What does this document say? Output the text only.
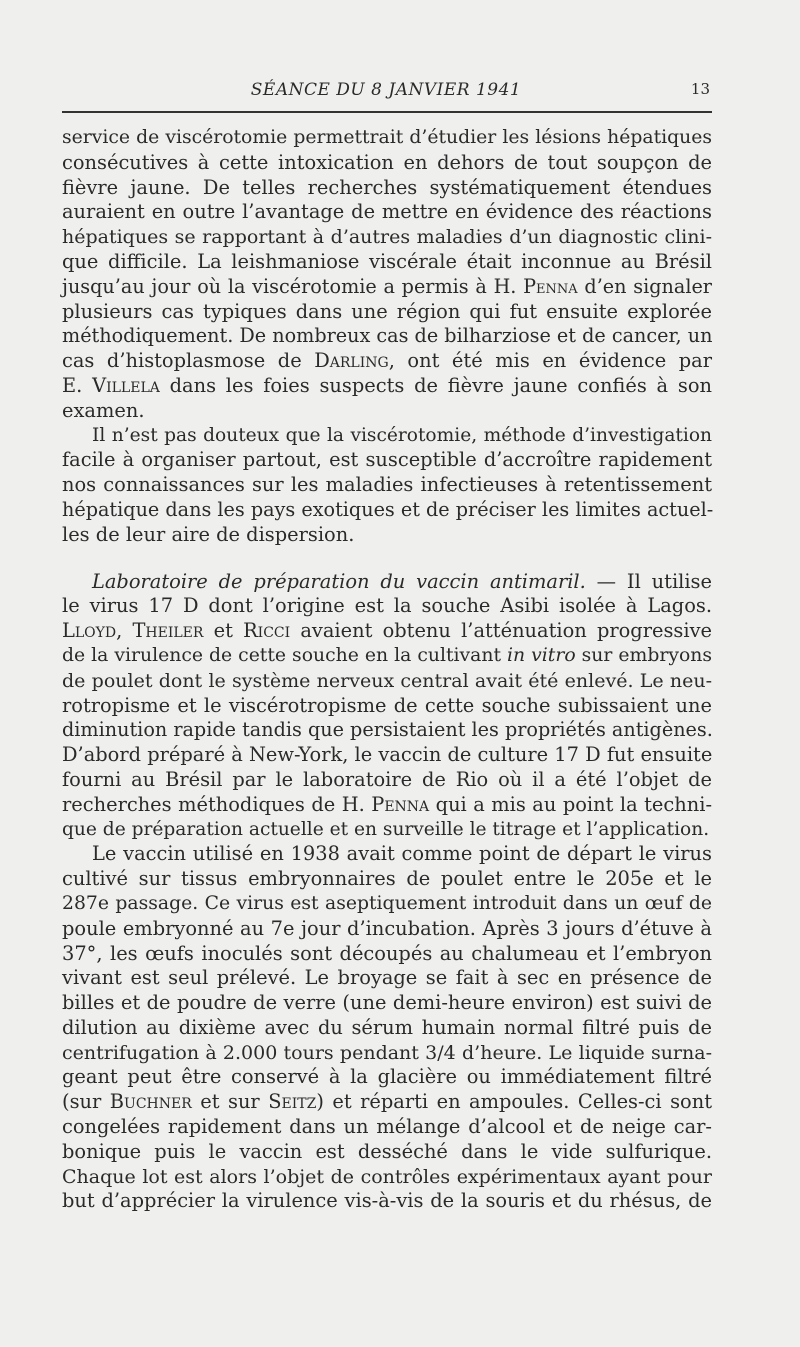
SÉANCE DU 8 JANVIER 1941	13
service de viscérotomie permettrait d’étudier les lésions hépatiques
consécutives à cette intoxication en dehors de tout soupçon de
fièvre jaune. De telles recherches systématiquement étendues
auraient en outre l’avantage de mettre en évidence des réactions
hépatiques se rapportant à d’autres maladies d’un diagnostic clini-
que difficile. La leishmaniose viscérale était inconnue au Brésil
jusqu’au jour où la viscérotomie a permis à H. Penna d’en signaler
plusieurs cas typiques dans une région qui fut ensuite explorée
méthodiquement. De nombreux cas de bilharziose et de cancer, un
cas d’histoplasmose de Darling, ont été mis en évidence par
E. Villela dans les foies suspects de fièvre jaune confiés à son
examen.
Il n’est pas douteux que la viscérotomie, méthode d’investigation
facile à organiser partout, est susceptible d’accroître rapidement
nos connaissances sur les maladies infectieuses à retentissement
hépatique dans les pays exotiques et de préciser les limites actuel-
les de leur aire de dispersion.
Laboratoire de préparation du vaccin antimaril. — Il utilise
le virus 17 D dont l’origine est la souche Asibi isolée à Lagos.
Lloyd, Theiler et Ricci avaient obtenu l’atténuation progressive
de la virulence de cette souche en la cultivant in vitro sur embryons
de poulet dont le système nerveux central avait été enlevé. Le neu-
rotropisme et le viscérotropisme de cette souche subissaient une
diminution rapide tandis que persistaient les propriétés antigènes.
D’abord préparé à New-York, le vaccin de culture 17 D fut ensuite
fourni au Brésil par le laboratoire de Rio où il a été l’objet de
recherches méthodiques de H. Penna qui a mis au point la techni-
que de préparation actuelle et en surveille le titrage et l’application.
Le vaccin utilisé en 1938 avait comme point de départ le virus
cultivé sur tissus embryonnaires de poulet entre le 205e et le
287e passage. Ce virus est aseptiquement introduit dans un œuf de
poule embryonné au 7e jour d’incubation. Après 3 jours d’étuve à
37°, les œufs inoculés sont découpés au chalumeau et l’embryon
vivant est seul prélevé. Le broyage se fait à sec en présence de
billes et de poudre de verre (une demi-heure environ) est suivi de
dilution au dixième avec du sérum humain normal filtré puis de
centrifugation à 2.000 tours pendant 3/4 d’heure. Le liquide surna-
geant peut être conservé à la glacière ou immédiatement filtré
(sur Buchner et sur Seitz) et réparti en ampoules. Celles-ci sont
congelées rapidement dans un mélange d’alcool et de neige car-
bonique puis le vaccin est desséché dans le vide sulfurique.
Chaque lot est alors l’objet de contrôles expérimentaux ayant pour
but d’apprécier la virulence vis-à-vis de la souris et du rhésus, de
